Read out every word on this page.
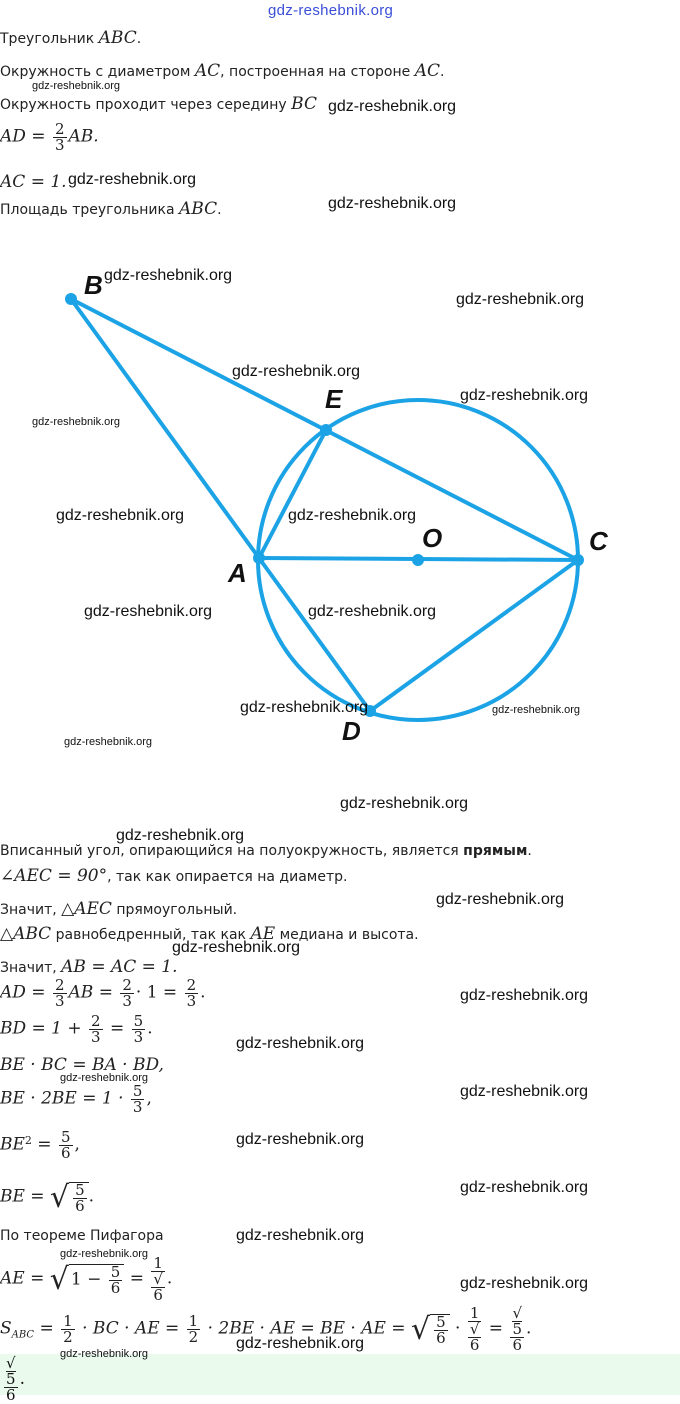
gdz-reshebnik.org
Треугольник ABC.
Окружность с диаметром AC, построенная на стороне AC.
Окружность проходит через середину BC
AD = $\frac{2}{3}$ AB.
AC = 1.
Площадь треугольника ABC.
B
E
O
A
C
D
Вписанный угол, опирающийся на полуокружность, является прямым.
∠AEC = 90°, так как опирается на диаметр.
Значит, △AEC прямоугольный.
△ABC равнобедренный, так как AE медиана и высота.
Значит, AB = AC = 1.
AD = $\frac{2}{3}$ AB = $\frac{2}{3} \cdot 1 = \frac{2}{3}$ .
BD = $1 + \frac{2}{3} = \frac{5}{3}$ .
BE · BC = BA · BD,
BE · $2BE = 1 \cdot \frac{5}{3}$ ,
$BE^2 = \frac{5}{6}$ ,
BE = √ $\frac{5}{6}$ .
По теореме Пифагора
AE = √ $1 - \frac{5}{6} = 1$
√
6 .
$S_{ABC} = \frac{1}{2}$ · BC · AE = $\frac{1}{2} \cdot 2BE$ · AE = BE · AE = √ $\frac{5}{6} \cdot 1$
√
6 = √
5
6 .
√
5
6 .
gdz-reshebnik.org
gdz-reshebnik.org
gdz-reshebnik.org
gdz-reshebnik.org
gdz-reshebnik.org
gdz-reshebnik.org
gdz-reshebnik.org
gdz-reshebnik.org
gdz-reshebnik.org
gdz-reshebnik.org	gdz-reshebnik.org
gdz-reshebnik.org	gdz-reshebnik.org
gdz-reshebnik.org	gdz-reshebnik.org
gdz-reshebnik.org
gdz-reshebnik.org
gdz-reshebnik.org
gdz-reshebnik.org
gdz-reshebnik.org
gdz-reshebnik.org
gdz-reshebnik.org
gdz-reshebnik.org
gdz-reshebnik.org
gdz-reshebnik.org
gdz-reshebnik.org
gdz-reshebnik.org
gdz-reshebnik.org
gdz-reshebnik.org
gdz-reshebnik.org
gdz-reshebnik.org
